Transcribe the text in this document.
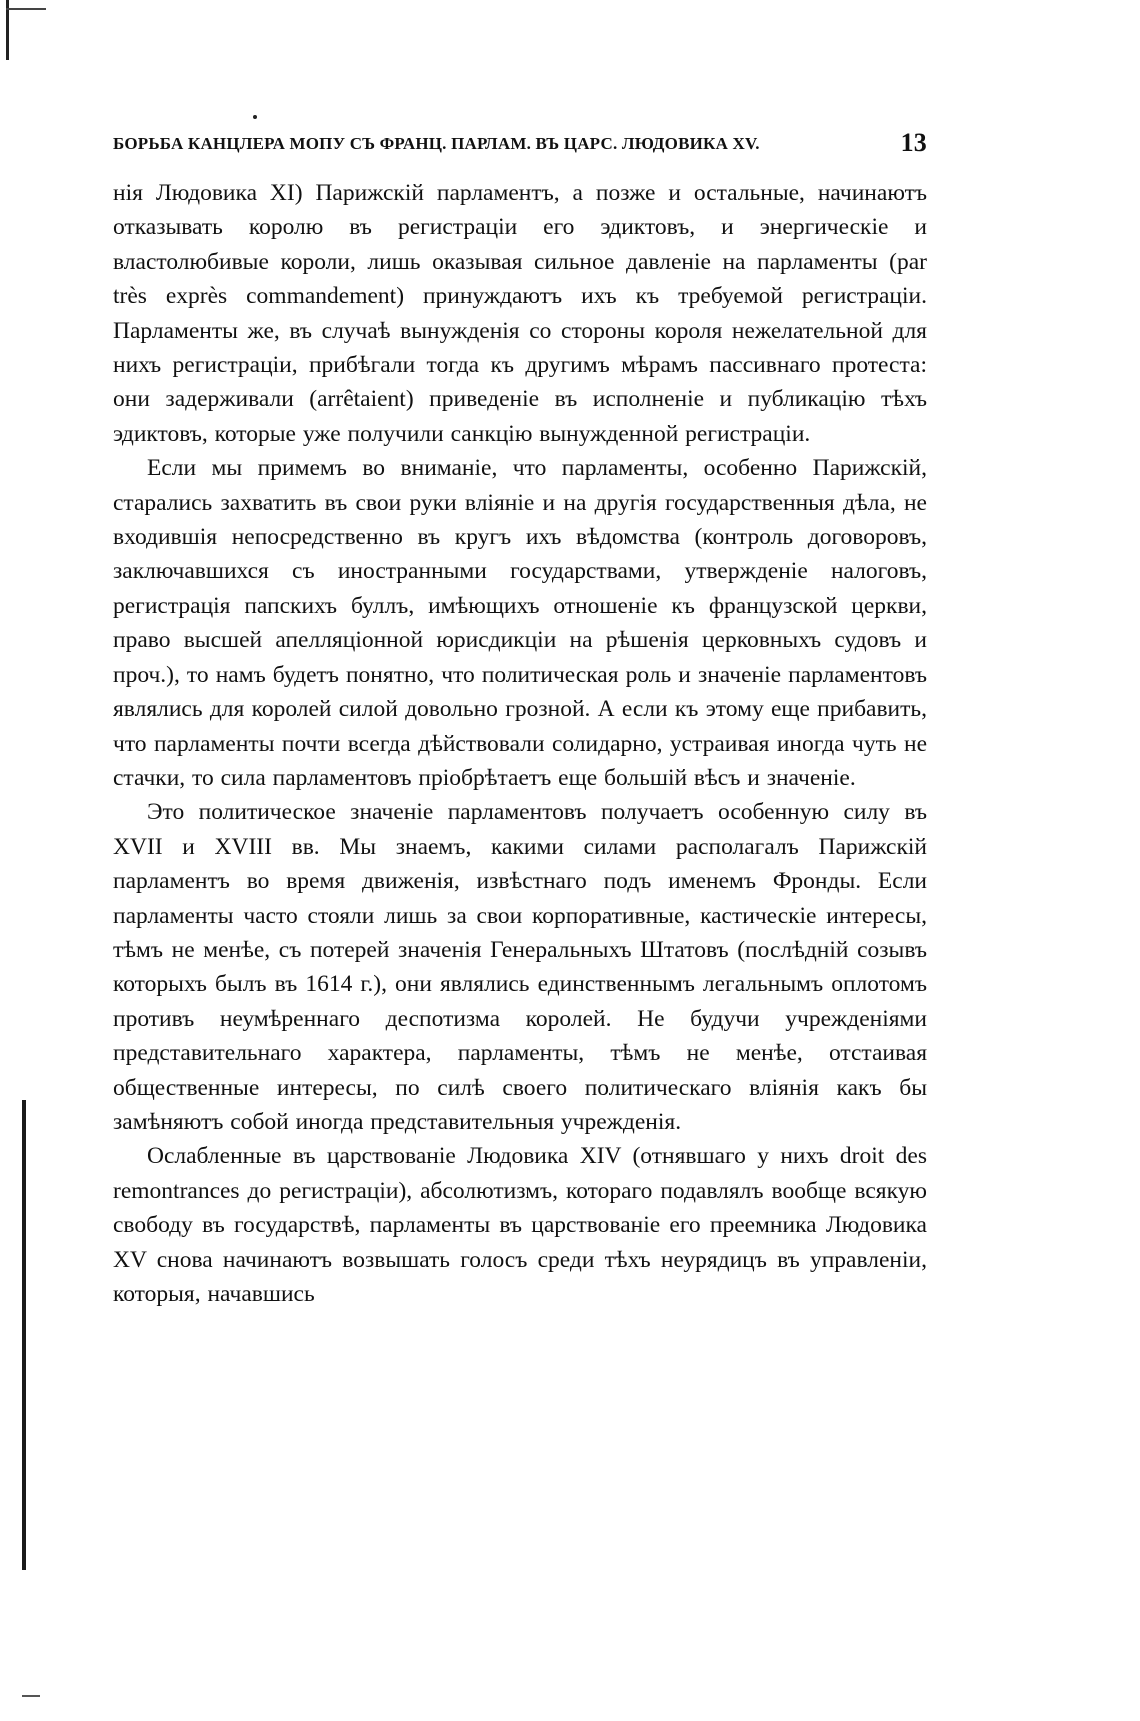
БОРЬБА КАНЦЛЕРА МОПУ СЪ ФРАНЦ. ПАРЛАМ. ВЪ ЦАРС. ЛЮДОВИКА XV.	13

нія Людовика XI) Парижскій парламентъ, а позже и остальные, начинаютъ отказывать королю въ регистраціи его эдиктовъ, и энергическіе и властолюбивые короли, лишь оказывая сильное давленіе на парламенты (par très exprès commandement) принуждаютъ ихъ къ требуемой регистраціи. Парламенты же, въ случаѣ вынужденія со стороны короля нежелательной для нихъ регистраціи, прибѣгали тогда къ другимъ мѣрамъ пассивнаго протеста: они задерживали (arrêtaient) приведеніе въ исполненіе и публикацію тѣхъ эдиктовъ, которые уже получили санкцію вынужденной регистраціи.

Если мы примемъ во вниманіе, что парламенты, особенно Парижскій, старались захватить въ свои руки вліяніе и на другія государственныя дѣла, не входившія непосредственно въ кругъ ихъ вѣдомства (контроль договоровъ, заключавшихся съ иностранными государствами, утвержденіе налоговъ, регистрація папскихъ буллъ, имѣющихъ отношеніе къ французской церкви, право высшей апелляціонной юрисдикціи на рѣшенія церковныхъ судовъ и проч.), то намъ будетъ понятно, что политическая роль и значеніе парламентовъ являлись для королей силой довольно грозной. А если къ этому еще прибавить, что парламенты почти всегда дѣйствовали солидарно, устраивая иногда чуть не стачки, то сила парламентовъ пріобрѣтаетъ еще большій вѣсъ и значеніе.

Это политическое значеніе парламентовъ получаетъ особенную силу въ XVII и XVIII вв. Мы знаемъ, какими силами располагалъ Парижскій парламентъ во время движенія, извѣстнаго подъ именемъ Фронды. Если парламенты часто стояли лишь за свои корпоративные, кастическіе интересы, тѣмъ не менѣе, съ потерей значенія Генеральныхъ Штатовъ (послѣдній созывъ которыхъ былъ въ 1614 г.), они являлись единственнымъ легальнымъ оплотомъ противъ неумѣреннаго деспотизма королей. Не будучи учрежденіями представительнаго характера, парламенты, тѣмъ не менѣе, отстаивая общественные интересы, по силѣ своего политическаго вліянія какъ бы замѣняютъ собой иногда представительныя учрежденія.

Ослабленные въ царствованіе Людовика XIV (отнявшаго у нихъ droit des remontrances до регистраціи), абсолютизмъ, котораго подавлялъ вообще всякую свободу въ государствѣ, парламенты въ царствованіе его преемника Людовика XV снова начинаютъ возвышать голосъ среди тѣхъ неурядицъ въ управленіи, которыя, начавшись
